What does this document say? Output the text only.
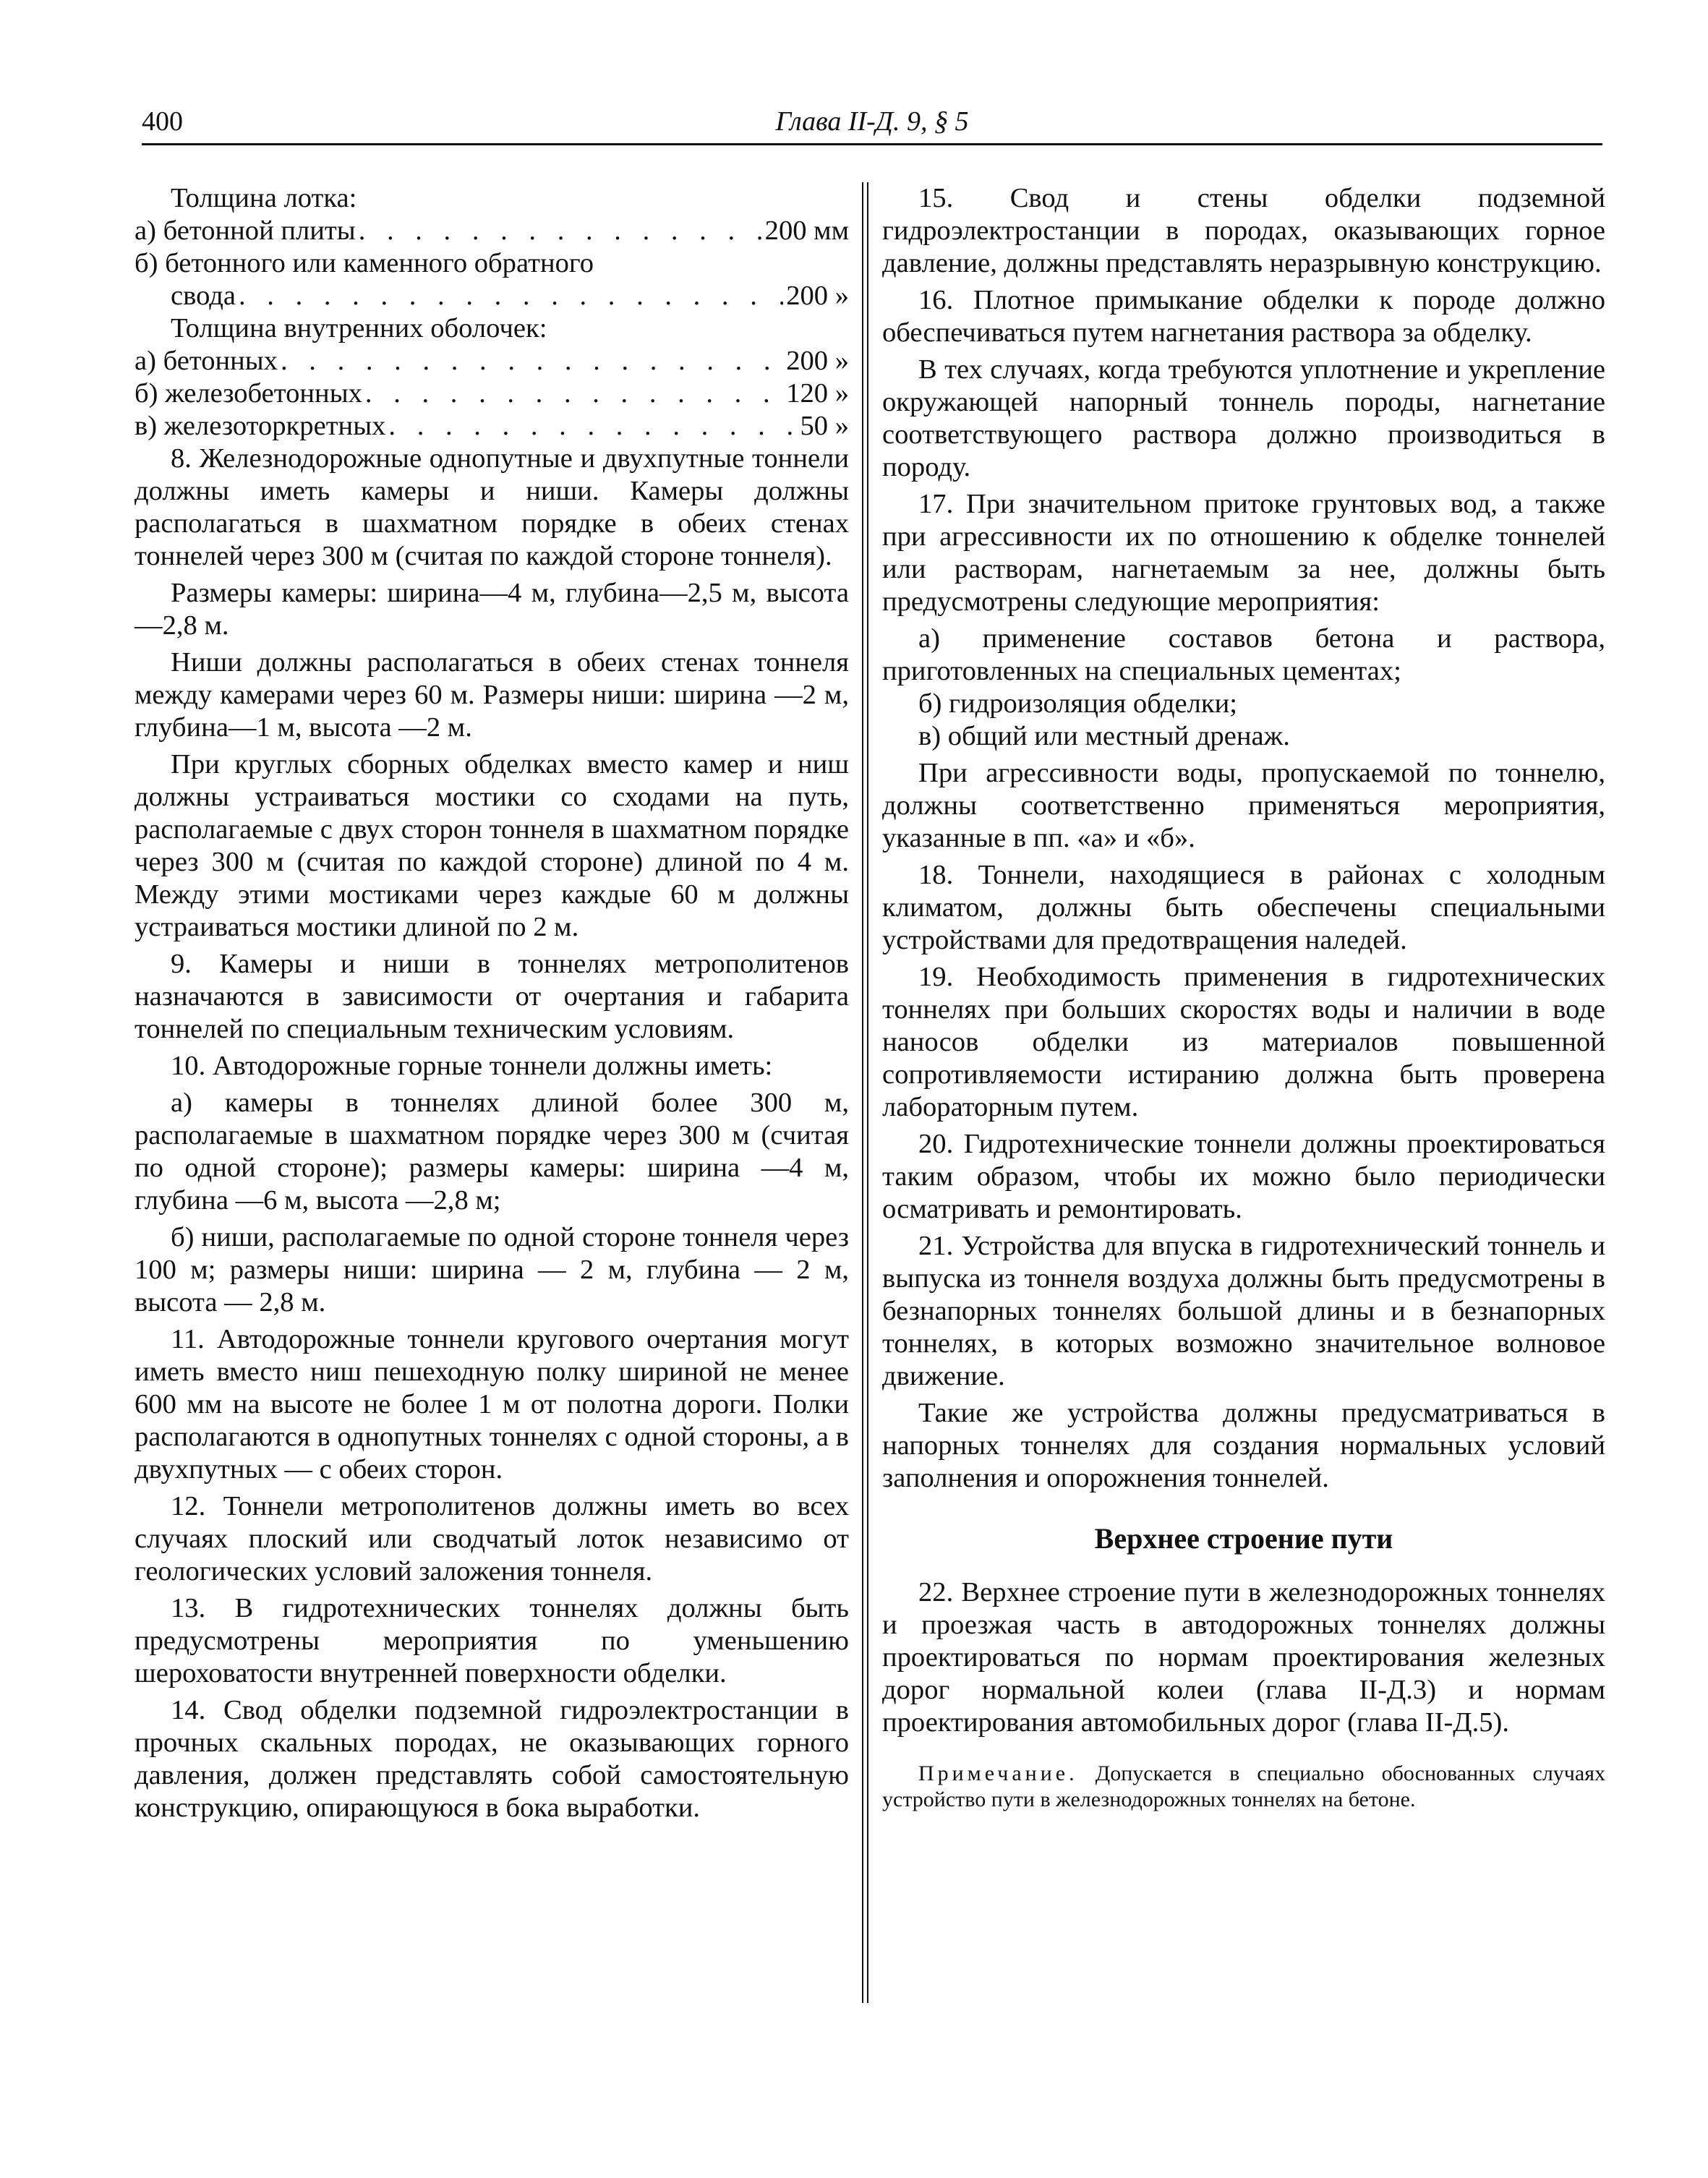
400	Глава II-Д. 9, § 5

Толщина лотка:

а) бетонной плиты . . .	200 мм

б) бетонного или каменного обратного

свода . . .	200 »

Толщина внутренних оболочек:

а) бетонных . . .	200 »

б) железобетонных . . .	120 »

в) железоторкретных . . .	50 »

8. Железнодорожные однопутные и двухпутные тоннели должны иметь камеры и ниши. Камеры должны располагаться в шахматном порядке в обеих стенах тоннелей через 300 м (считая по каждой стороне тоннеля).

Размеры камеры: ширина—4 м, глубина—2,5 м, высота —2,8 м.

Ниши должны располагаться в обеих стенах тоннеля между камерами через 60 м. Размеры ниши: ширина —2 м, глубина—1 м, высота —2 м.

При круглых сборных обделках вместо камер и ниш должны устраиваться мостики со сходами на путь, располагаемые с двух сторон тоннеля в шахматном порядке через 300 м (считая по каждой стороне) длиной по 4 м. Между этими мостиками через каждые 60 м должны устраиваться мостики длиной по 2 м.

9. Камеры и ниши в тоннелях метрополитенов назначаются в зависимости от очертания и габарита тоннелей по специальным техническим условиям.

10. Автодорожные горные тоннели должны иметь:

а) камеры в тоннелях длиной более 300 м, располагаемые в шахматном порядке через 300 м (считая по одной стороне); размеры камеры: ширина —4 м, глубина —6 м, высота —2,8 м;

б) ниши, располагаемые по одной стороне тоннеля через 100 м; размеры ниши: ширина — 2 м, глубина — 2 м, высота — 2,8 м.

11. Автодорожные тоннели кругового очертания могут иметь вместо ниш пешеходную полку шириной не менее 600 мм на высоте не более 1 м от полотна дороги. Полки располагаются в однопутных тоннелях с одной стороны, а в двухпутных — с обеих сторон.

12. Тоннели метрополитенов должны иметь во всех случаях плоский или сводчатый лоток независимо от геологических условий заложения тоннеля.

13. В гидротехнических тоннелях должны быть предусмотрены мероприятия по уменьшению шероховатости внутренней поверхности обделки.

14. Свод обделки подземной гидроэлектростанции в прочных скальных породах, не оказывающих горного давления, должен представлять собой самостоятельную конструкцию, опирающуюся в бока выработки.

15. Свод и стены обделки подземной гидроэлектростанции в породах, оказывающих горное давление, должны представлять неразрывную конструкцию.

16. Плотное примыкание обделки к породе должно обеспечиваться путем нагнетания раствора за обделку.

В тех случаях, когда требуются уплотнение и укрепление окружающей напорный тоннель породы, нагнетание соответствующего раствора должно производиться в породу.

17. При значительном притоке грунтовых вод, а также при агрессивности их по отношению к обделке тоннелей или растворам, нагнетаемым за нее, должны быть предусмотрены следующие мероприятия:

а) применение составов бетона и раствора, приготовленных на специальных цементах;

б) гидроизоляция обделки;

в) общий или местный дренаж.

При агрессивности воды, пропускаемой по тоннелю, должны соответственно применяться мероприятия, указанные в пп. «а» и «б».

18. Тоннели, находящиеся в районах с холодным климатом, должны быть обеспечены специальными устройствами для предотвращения наледей.

19. Необходимость применения в гидротехнических тоннелях при больших скоростях воды и наличии в воде наносов обделки из материалов повышенной сопротивляемости истиранию должна быть проверена лабораторным путем.

20. Гидротехнические тоннели должны проектироваться таким образом, чтобы их можно было периодически осматривать и ремонтировать.

21. Устройства для впуска в гидротехнический тоннель и выпуска из тоннеля воздуха должны быть предусмотрены в безнапорных тоннелях большой длины и в безнапорных тоннелях, в которых возможно значительное волновое движение.

Такие же устройства должны предусматриваться в напорных тоннелях для создания нормальных условий заполнения и опорожнения тоннелей.

Верхнее строение пути

22. Верхнее строение пути в железнодорожных тоннелях и проезжая часть в автодорожных тоннелях должны проектироваться по нормам проектирования железных дорог нормальной колеи (глава II-Д.3) и нормам проектирования автомобильных дорог (глава II-Д.5).

Примечание. Допускается в специально обоснованных случаях устройство пути в железнодорожных тоннелях на бетоне.
